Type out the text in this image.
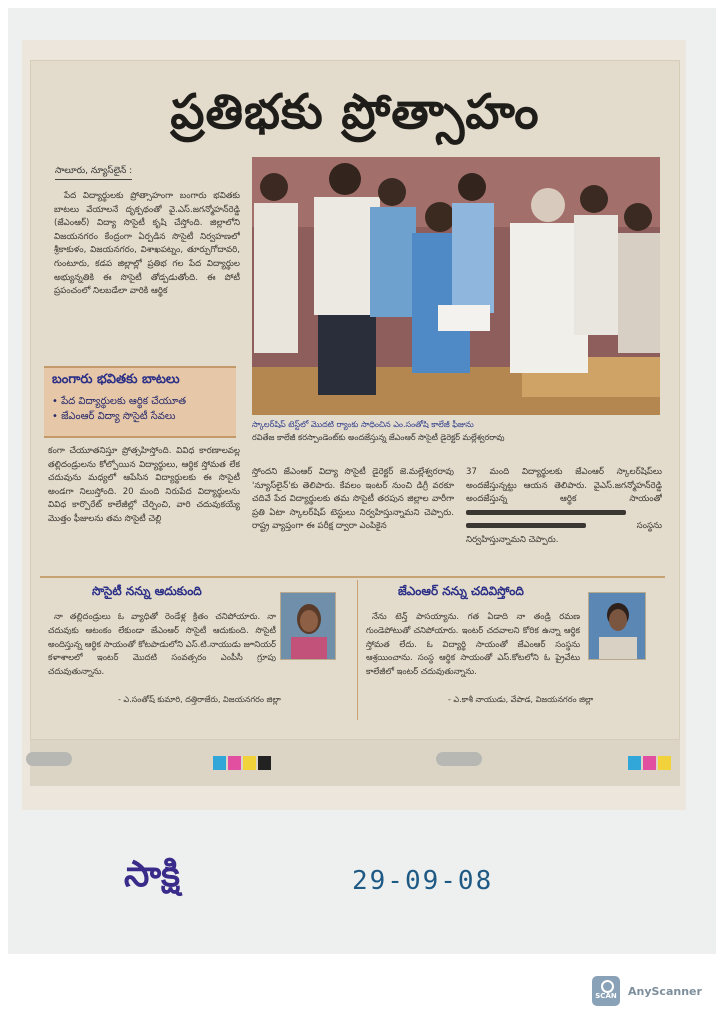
ప్రతిభకు ప్రోత్సాహం
సాలూరు, న్యూస్‌లైన్ :

పేద విద్యార్థులకు ప్రోత్సాహంగా బంగారు భవితకు బాటలు వేయాలనే దృక్పథంతో వై.ఎస్.జగన్మోహన్‌రెడ్డి (జేఎంఆర్) విద్యా సొసైటీ కృషి చేస్తోంది. జిల్లాలోని విజయనగరం కేంద్రంగా ఏర్పడిన సొసైటీ నిర్వహణలో శ్రీకాకుళం, విజయనగరం, విశాఖపట్నం, తూర్పుగోదావరి, గుంటూరు, కడప జిల్లాల్లో ప్రతిభ గల పేద విద్యార్థుల అభ్యున్నతికి ఈ సొసైటీ తోడ్పడుతోంది. ఈ పోటీ ప్రపంచంలో నిలబడేలా వారికి ఆర్థిక

స్కాలర్‌షిప్ టెస్ట్‌లో మొదటి ర్యాంకు సాధించిన ఎం.సంతోషి కాలేజీ ఫీజును
రవితేజ కాలేజీ కరస్పాండెంట్‌కు అందజేస్తున్న జేఎంఆర్ సొసైటీ డైరెక్టర్ మల్లేశ్వరరావు
బంగారు భవితకు బాటలు
• పేద విద్యార్థులకు ఆర్థిక చేయూత
• జేఎంఆర్ విద్యా సొసైటీ సేవలు

కంగా చేయూతనిస్తూ ప్రోత్సహిస్తోంది. వివిధ కారణాలవల్ల తల్లిదండ్రులను కోల్పోయిన విద్యార్థులు, ఆర్థిక స్తోమత లేక చదువును మధ్యలో ఆపేసిన విద్యార్థులకు ఈ సొసైటీ అండగా నిలుస్తోంది. 20 మంది నిరుపేద విద్యార్థులను వివిధ కార్పొరేట్ కాలేజీల్లో చేర్పించి, వారి చదువుకయ్యే మొత్తం ఫీజులను తమ సొసైటీ చెల్లి

స్తోందని జేఎంఆర్ విద్యా సొసైటీ డైరెక్టర్ జె.మల్లేశ్వరరావు 'న్యూస్‌లైన్'కు తెలిపారు. కేవలం ఇంటర్ నుంచి డిగ్రీ వరకూ చదివే పేద విద్యార్థులకు తమ సొసైటీ తరపున జిల్లాల వారీగా ప్రతి ఏటా స్కాలర్‌షిప్ టెస్టులు నిర్వహిస్తున్నామని చెప్పారు. రాష్ట్ర వ్యాప్తంగా ఈ పరీక్ష ద్వారా ఎంపికైన

37 మంది విద్యార్థులకు జేఎంఆర్ స్కాలర్‌షిప్‌లు అందజేస్తున్నట్టు ఆయన తెలిపారు. వైఎస్.జగన్మోహన్‌రెడ్డి అందజేస్తున్న ఆర్థిక సాయంతో   సంస్థను నిర్వహిస్తున్నామని చెప్పారు.
సొసైటీ నన్ను ఆదుకుంది	జేఎంఆర్ నన్ను చదివిస్తోంది

నా తల్లిదండ్రులు ఓ వ్యాధితో రెండేళ్ల క్రితం చనిపోయారు. నా చదువుకు ఆటంకం లేకుండా జేఎంఆర్ సొసైటీ ఆదుకుంది. సొసైటీ అందిస్తున్న ఆర్థిక సాయంతో కోటపాడులోని ఎస్.టి.నాయుడు జూనియర్ కళాశాలలో ఇంటర్ మొదటి సంవత్సరం ఎంపీసీ గ్రూపు చదువుతున్నాను.

నేను టెన్త్ పాసయ్యాను. గత ఏడాది నా తండ్రి రమణ గుండెపోటుతో చనిపోయారు. ఇంటర్ చదవాలని కోరిక ఉన్నా ఆర్థిక స్తోమత లేదు. ఓ విద్యార్థి సాయంతో జేఎంఆర్ సంస్థను ఆశ్రయించాను. సంస్థ ఆర్థిక సాయంతో ఎస్.కోటలోని ఓ ప్రైవేటు కాలేజీలో ఇంటర్ చదువుతున్నాను.

- ఎ.సంతోష్ కుమారి, దత్తిరాజేరు, విజయనగరం జిల్లా	- ఎ.కాశీ నాయుడు, వేపాడ, విజయనగరం జిల్లా
సాక్షి	29-09-08
SCAN AnyScanner
